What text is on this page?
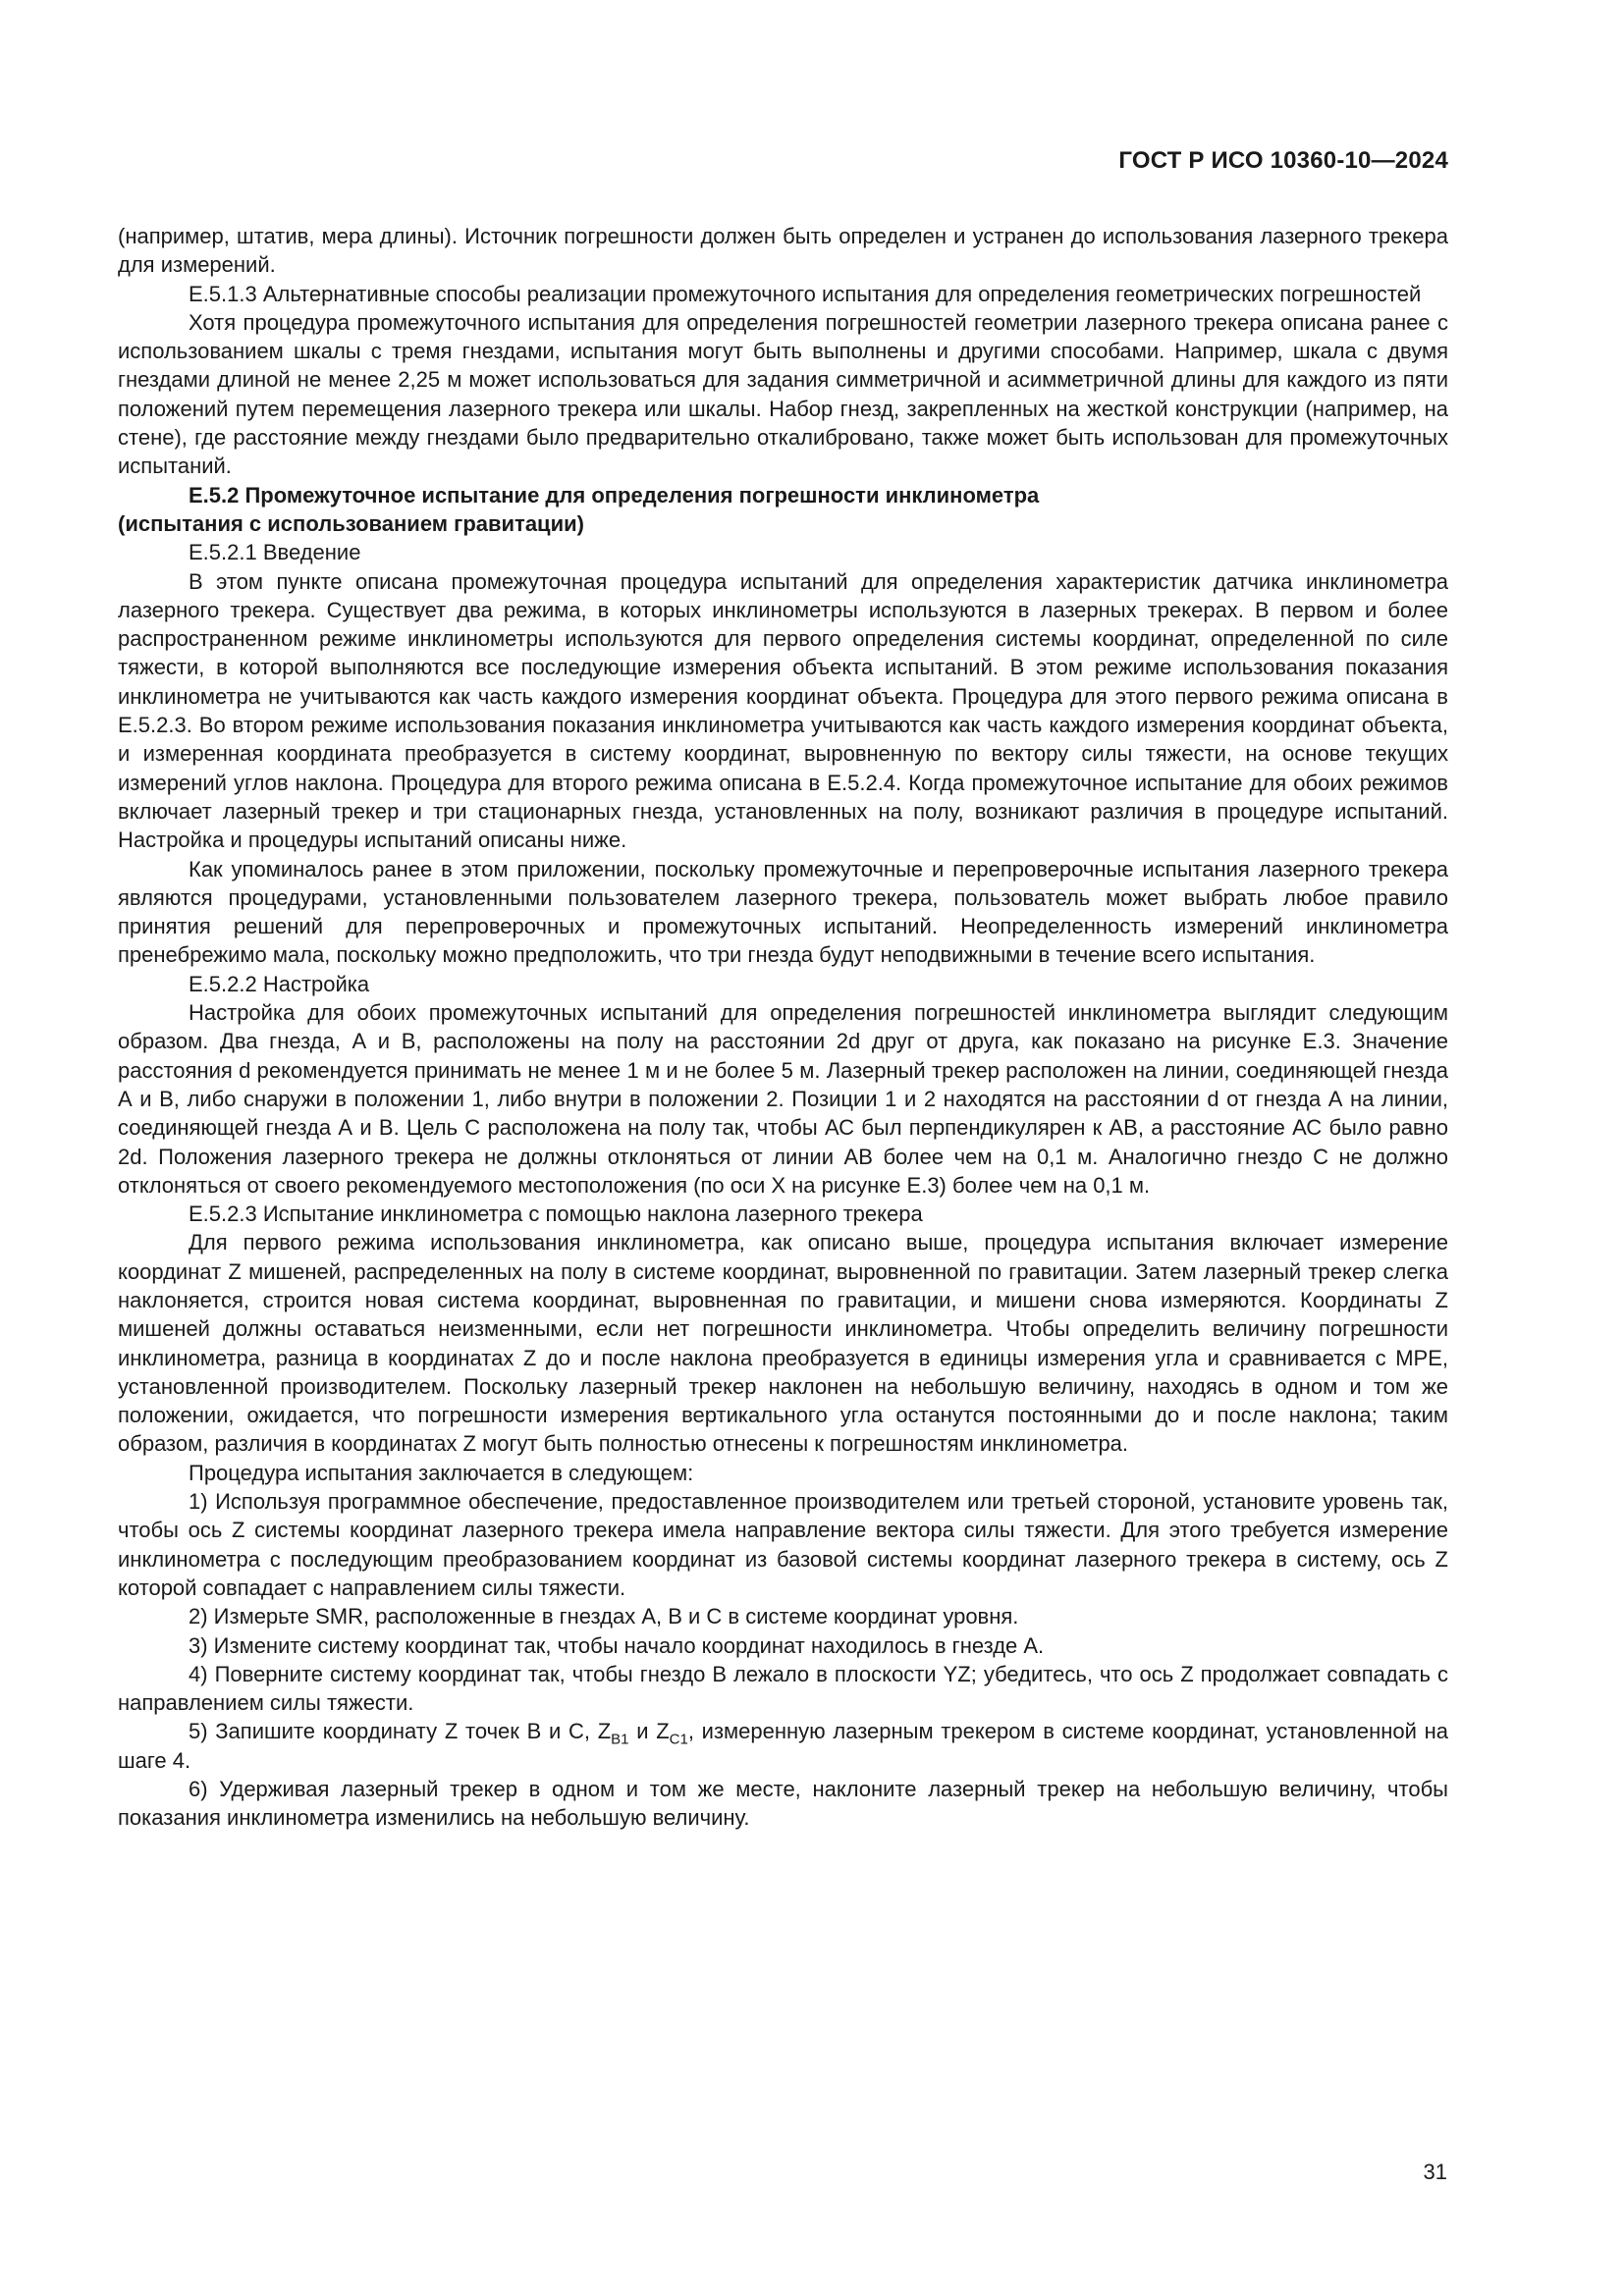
ГОСТ Р ИСО 10360-10—2024

(например, штатив, мера длины). Источник погрешности должен быть определен и устранен до использования лазерного трекера для измерений.

Е.5.1.3 Альтернативные способы реализации промежуточного испытания для определения геометрических погрешностей

Хотя процедура промежуточного испытания для определения погрешностей геометрии лазерного трекера описана ранее с использованием шкалы с тремя гнездами, испытания могут быть выполнены и другими способами. Например, шкала с двумя гнездами длиной не менее 2,25 м может использоваться для задания симметричной и асимметричной длины для каждого из пяти положений путем перемещения лазерного трекера или шкалы. Набор гнезд, закрепленных на жесткой конструкции (например, на стене), где расстояние между гнездами было предварительно откалибровано, также может быть использован для промежуточных испытаний.

Е.5.2 Промежуточное испытание для определения погрешности инклинометра

(испытания с использованием гравитации)

Е.5.2.1 Введение

В этом пункте описана промежуточная процедура испытаний для определения характеристик датчика инклинометра лазерного трекера. Существует два режима, в которых инклинометры используются в лазерных трекерах. В первом и более распространенном режиме инклинометры используются для первого определения системы координат, определенной по силе тяжести, в которой выполняются все последующие измерения объекта испытаний. В этом режиме использования показания инклинометра не учитываются как часть каждого измерения координат объекта. Процедура для этого первого режима описана в Е.5.2.3. Во втором режиме использования показания инклинометра учитываются как часть каждого измерения координат объекта, и измеренная координата преобразуется в систему координат, выровненную по вектору силы тяжести, на основе текущих измерений углов наклона. Процедура для второго режима описана в Е.5.2.4. Когда промежуточное испытание для обоих режимов включает лазерный трекер и три стационарных гнезда, установленных на полу, возникают различия в процедуре испытаний. Настройка и процедуры испытаний описаны ниже.

Как упоминалось ранее в этом приложении, поскольку промежуточные и перепроверочные испытания лазерного трекера являются процедурами, установленными пользователем лазерного трекера, пользователь может выбрать любое правило принятия решений для перепроверочных и промежуточных испытаний. Неопределенность измерений инклинометра пренебрежимо мала, поскольку можно предположить, что три гнезда будут неподвижными в течение всего испытания.

Е.5.2.2 Настройка

Настройка для обоих промежуточных испытаний для определения погрешностей инклинометра выглядит следующим образом. Два гнезда, А и В, расположены на полу на расстоянии 2d друг от друга, как показано на рисунке Е.3. Значение расстояния d рекомендуется принимать не менее 1 м и не более 5 м. Лазерный трекер расположен на линии, соединяющей гнезда А и В, либо снаружи в положении 1, либо внутри в положении 2. Позиции 1 и 2 находятся на расстоянии d от гнезда А на линии, соединяющей гнезда А и В. Цель С расположена на полу так, чтобы АС был перпендикулярен к АВ, а расстояние АС было равно 2d. Положения лазерного трекера не должны отклоняться от линии АВ более чем на 0,1 м. Аналогично гнездо С не должно отклоняться от своего рекомендуемого местоположения (по оси X на рисунке Е.3) более чем на 0,1 м.

Е.5.2.3 Испытание инклинометра с помощью наклона лазерного трекера

Для первого режима использования инклинометра, как описано выше, процедура испытания включает измерение координат Z мишеней, распределенных на полу в системе координат, выровненной по гравитации. Затем лазерный трекер слегка наклоняется, строится новая система координат, выровненная по гравитации, и мишени снова измеряются. Координаты Z мишеней должны оставаться неизменными, если нет погрешности инклинометра. Чтобы определить величину погрешности инклинометра, разница в координатах Z до и после наклона преобразуется в единицы измерения угла и сравнивается с MPE, установленной производителем. Поскольку лазерный трекер наклонен на небольшую величину, находясь в одном и том же положении, ожидается, что погрешности измерения вертикального угла останутся постоянными до и после наклона; таким образом, различия в координатах Z могут быть полностью отнесены к погрешностям инклинометра.

Процедура испытания заключается в следующем:

1) Используя программное обеспечение, предоставленное производителем или третьей стороной, установите уровень так, чтобы ось Z системы координат лазерного трекера имела направление вектора силы тяжести. Для этого требуется измерение инклинометра с последующим преобразованием координат из базовой системы координат лазерного трекера в систему, ось Z которой совпадает с направлением силы тяжести.

2) Измерьте SMR, расположенные в гнездах А, В и С в системе координат уровня.

3) Измените систему координат так, чтобы начало координат находилось в гнезде А.

4) Поверните систему координат так, чтобы гнездо В лежало в плоскости YZ; убедитесь, что ось Z продолжает совпадать с направлением силы тяжести.

5) Запишите координату Z точек В и С, $Z_{B1}$ и $Z_{C1}$, измеренную лазерным трекером в системе координат, установленной на шаге 4.

6) Удерживая лазерный трекер в одном и том же месте, наклоните лазерный трекер на небольшую величину, чтобы показания инклинометра изменились на небольшую величину.

31
